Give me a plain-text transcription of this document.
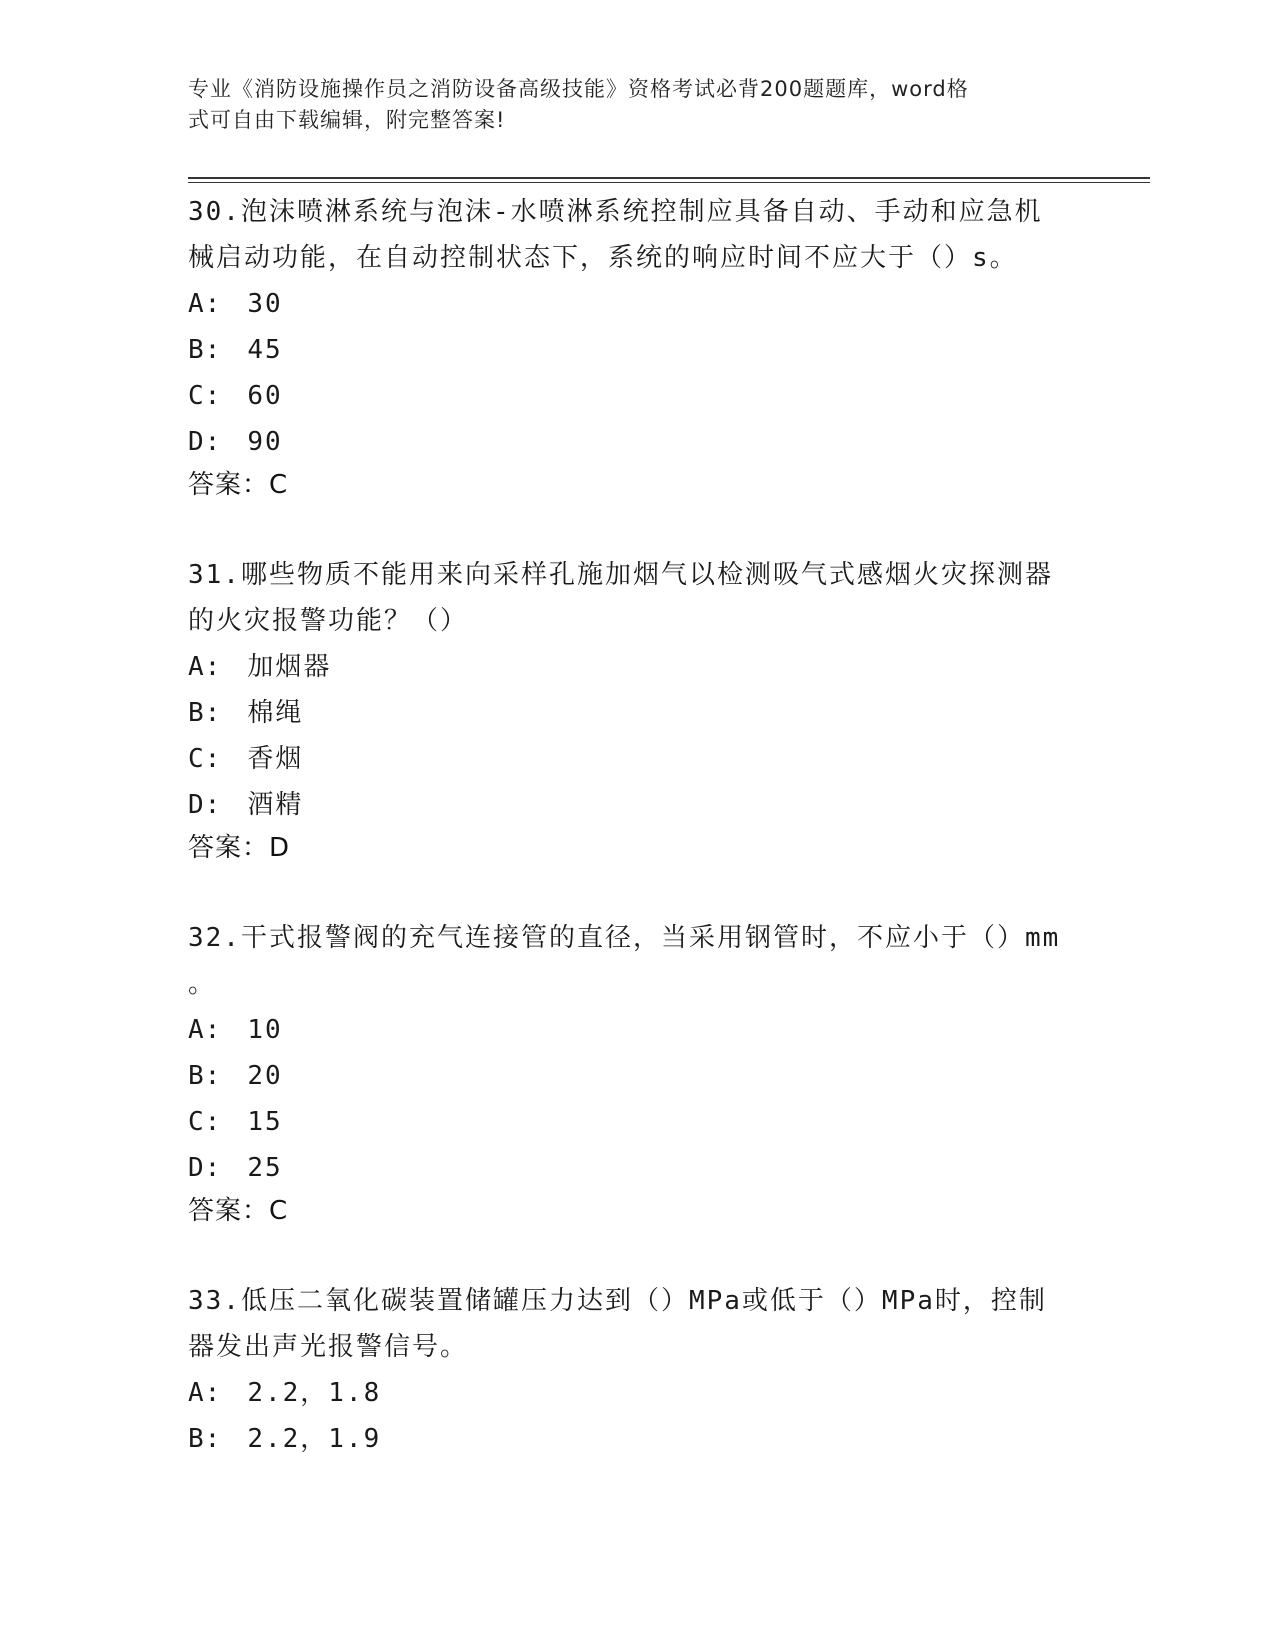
专业《消防设施操作员之消防设备高级技能》资格考试必背200题题库，word格
式可自由下载编辑，附完整答案!
30.泡沫喷淋系统与泡沫-水喷淋系统控制应具备自动、手动和应急机
械启动功能，在自动控制状态下，系统的响应时间不应大于（）s。
A: 30
B: 45
C: 60
D: 90
答案： C
31.哪些物质不能用来向采样孔施加烟气以检测吸气式感烟火灾探测器
的火灾报警功能？（）
A: 加烟器
B: 棉绳
C: 香烟
D: 酒精
答案： D
32.干式报警阀的充气连接管的直径，当采用钢管时，不应小于（）mm
。
A: 10
B: 20
C: 15
D: 25
答案： C
33.低压二氧化碳装置储罐压力达到（）MPa或低于（）MPa时，控制
器发出声光报警信号。
A: 2.2，1.8
B: 2.2，1.9
